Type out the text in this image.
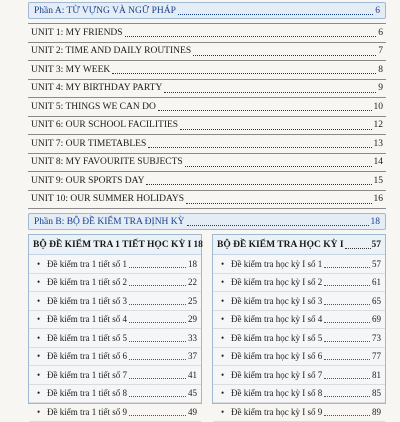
Phần A: TỪ VỰNG VÀ NGỮ PHÁP	6
UNIT 1: MY FRIENDS	6
UNIT 2: TIME AND DAILY ROUTINES	7
UNIT 3: MY WEEK	8
UNIT 4: MY BIRTHDAY PARTY	9
UNIT 5: THINGS WE CAN DO	10
UNIT 6: OUR SCHOOL FACILITIES	12
UNIT 7: OUR TIMETABLES	13
UNIT 8: MY FAVOURITE SUBJECTS	14
UNIT 9: OUR SPORTS DAY	15
UNIT 10: OUR SUMMER HOLIDAYS	16
Phần B: BỘ ĐỀ KIỂM TRA ĐỊNH KỲ	18
BỘ ĐỀ KIỂM TRA 1 TIẾT HỌC KỲ I 18
• Đề kiểm tra 1 tiết số 1	18
• Đề kiểm tra 1 tiết số 2	22
• Đề kiểm tra 1 tiết số 3	25
• Đề kiểm tra 1 tiết số 4	29
• Đề kiểm tra 1 tiết số 5	33
• Đề kiểm tra 1 tiết số 6	37
• Đề kiểm tra 1 tiết số 7	41
• Đề kiểm tra 1 tiết số 8	45
• Đề kiểm tra 1 tiết số 9	49
BỘ ĐỀ KIỂM TRA HỌC KỲ I	57
• Đề kiểm tra học kỳ I số 1	57
• Đề kiểm tra học kỳ I số 2	61
• Đề kiểm tra học kỳ I số 3	65
• Đề kiểm tra học kỳ I số 4	69
• Đề kiểm tra học kỳ I số 5	73
• Đề kiểm tra học kỳ I số 6	77
• Đề kiểm tra học kỳ I số 7	81
• Đề kiểm tra học kỳ I số 8	85
• Đề kiểm tra học kỳ I số 9	89
